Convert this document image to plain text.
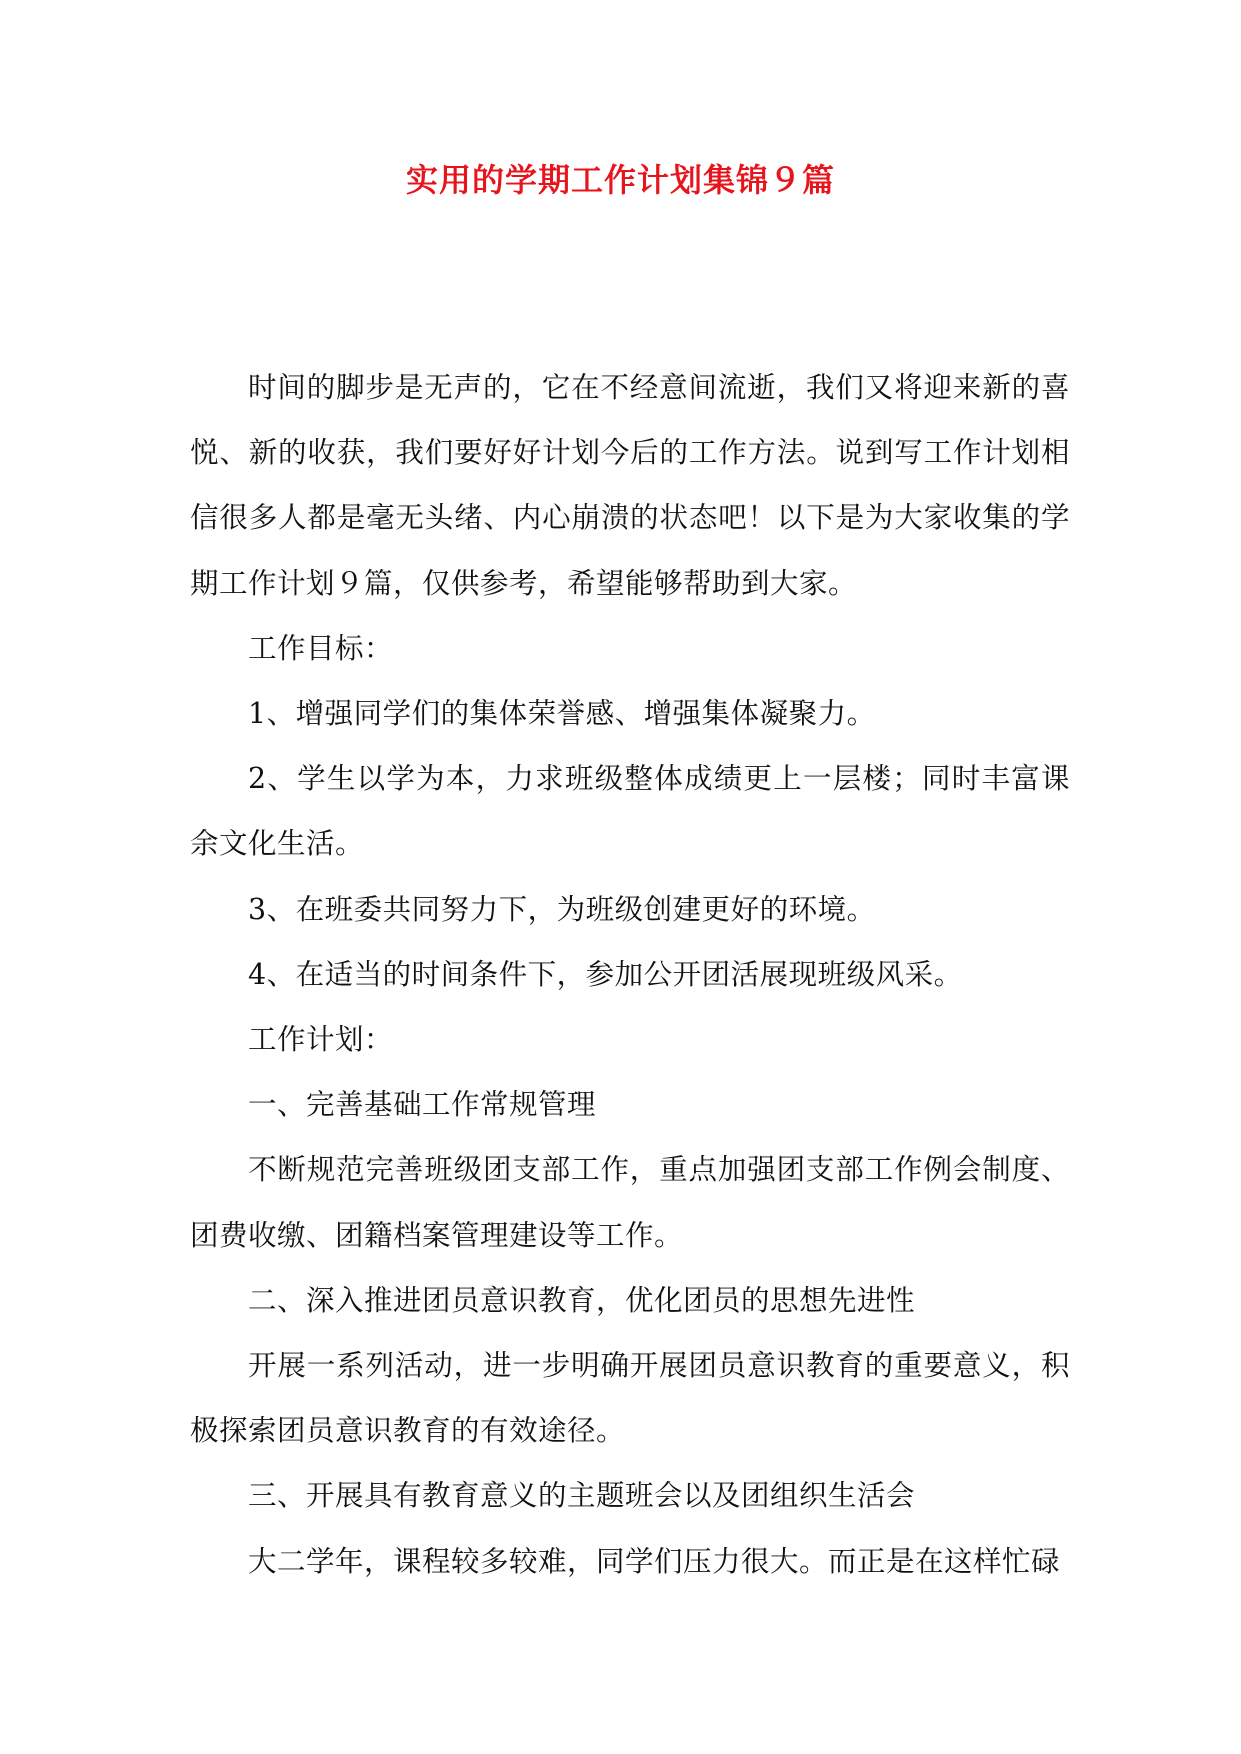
实用的学期工作计划集锦９篇

时间的脚步是无声的，它在不经意间流逝，我们又将迎来新的喜悦、新的收获，我们要好好计划今后的工作方法。说到写工作计划相信很多人都是毫无头绪、内心崩溃的状态吧！以下是为大家收集的学期工作计划９篇，仅供参考，希望能够帮助到大家。

工作目标：

1、增强同学们的集体荣誉感、增强集体凝聚力。

2、学生以学为本，力求班级整体成绩更上一层楼；同时丰富课余文化生活。

3、在班委共同努力下，为班级创建更好的环境。

4、在适当的时间条件下，参加公开团活展现班级风采。

工作计划：

一、完善基础工作常规管理

不断规范完善班级团支部工作，重点加强团支部工作例会制度、团费收缴、团籍档案管理建设等工作。

二、深入推进团员意识教育，优化团员的思想先进性

开展一系列活动，进一步明确开展团员意识教育的重要意义，积极探索团员意识教育的有效途径。

三、开展具有教育意义的主题班会以及团组织生活会

大二学年，课程较多较难，同学们压力很大。而正是在这样忙碌
